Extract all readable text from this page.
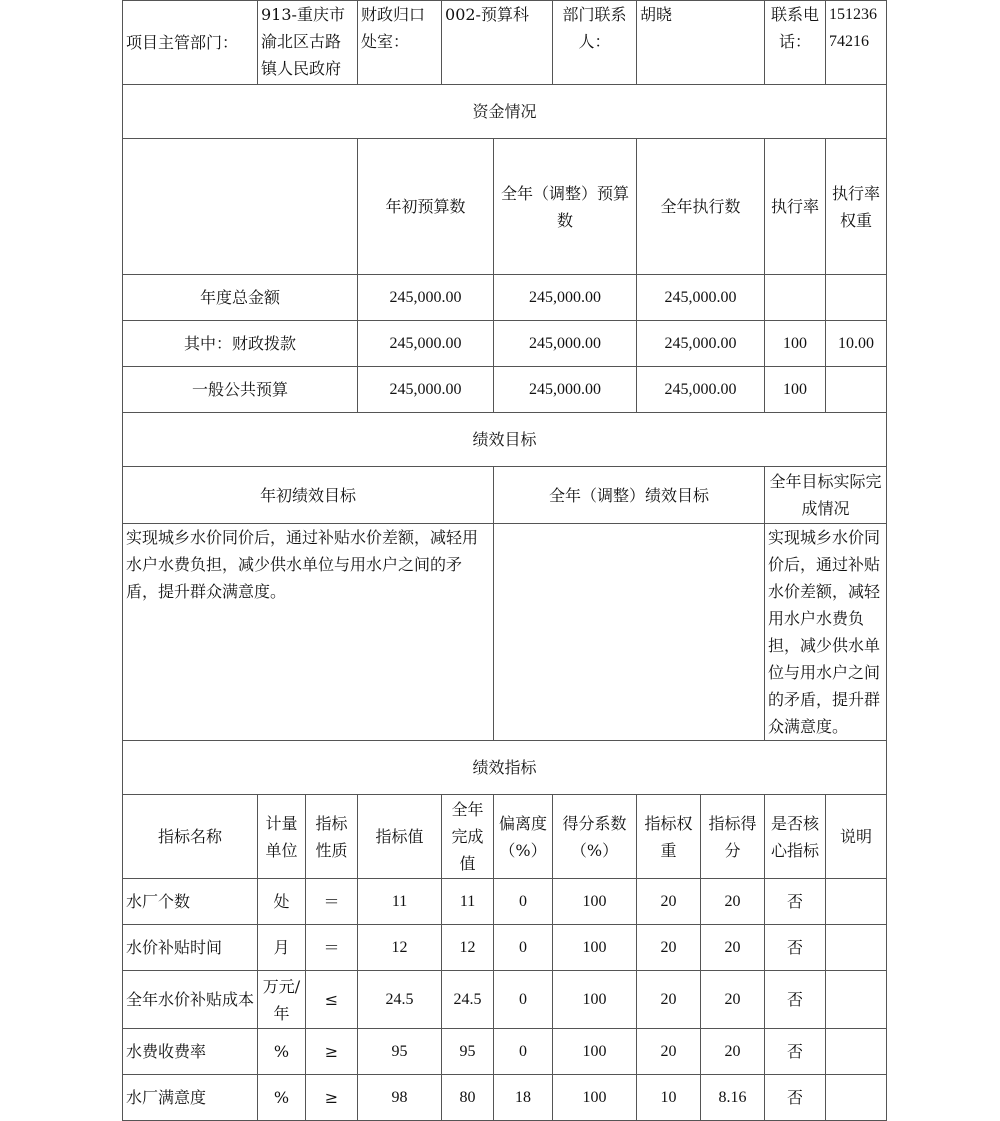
项目主管部门：	913-重庆市渝北区古路镇人民政府		财政归口处室：	002-预算科		部门联系人：	胡晓		联系电话：	15123674216	
资金情况											
			年初预算数		全年（调整）预算数		全年执行数		执行率	执行率权重	
年度总金额			245,000.00		245,000.00		245,000.00				
其中：财政拨款			245,000.00		245,000.00		245,000.00		100	10.00	
一般公共预算			245,000.00		245,000.00		245,000.00		100		
绩效目标											
年初绩效目标					全年（调整）绩效目标				全年目标实际完成情况		
实现城乡水价同价后，通过补贴水价差额，减轻用水户水费负担，减少供水单位与用水户之间的矛盾，提升群众满意度。									实现城乡水价同价后，通过补贴水价差额，减轻用水户水费负担，减少供水单位与用水户之间的矛盾，提升群众满意度。		
绩效指标											
指标名称	计量单位	指标性质	指标值	全年完成值	偏离度（%）	得分系数（%）	指标权重	指标得分	是否核心指标	说明	
水厂个数	处	＝	11	11	0	100	20	20	否		
水价补贴时间	月	＝	12	12	0	100	20	20	否		
全年水价补贴成本	万元/年	≤	24.5	24.5	0	100	20	20	否		
水费收费率	%	≥	95	95	0	100	20	20	否		
水厂满意度	%	≥	98	80	18	100	10	8.16	否		
